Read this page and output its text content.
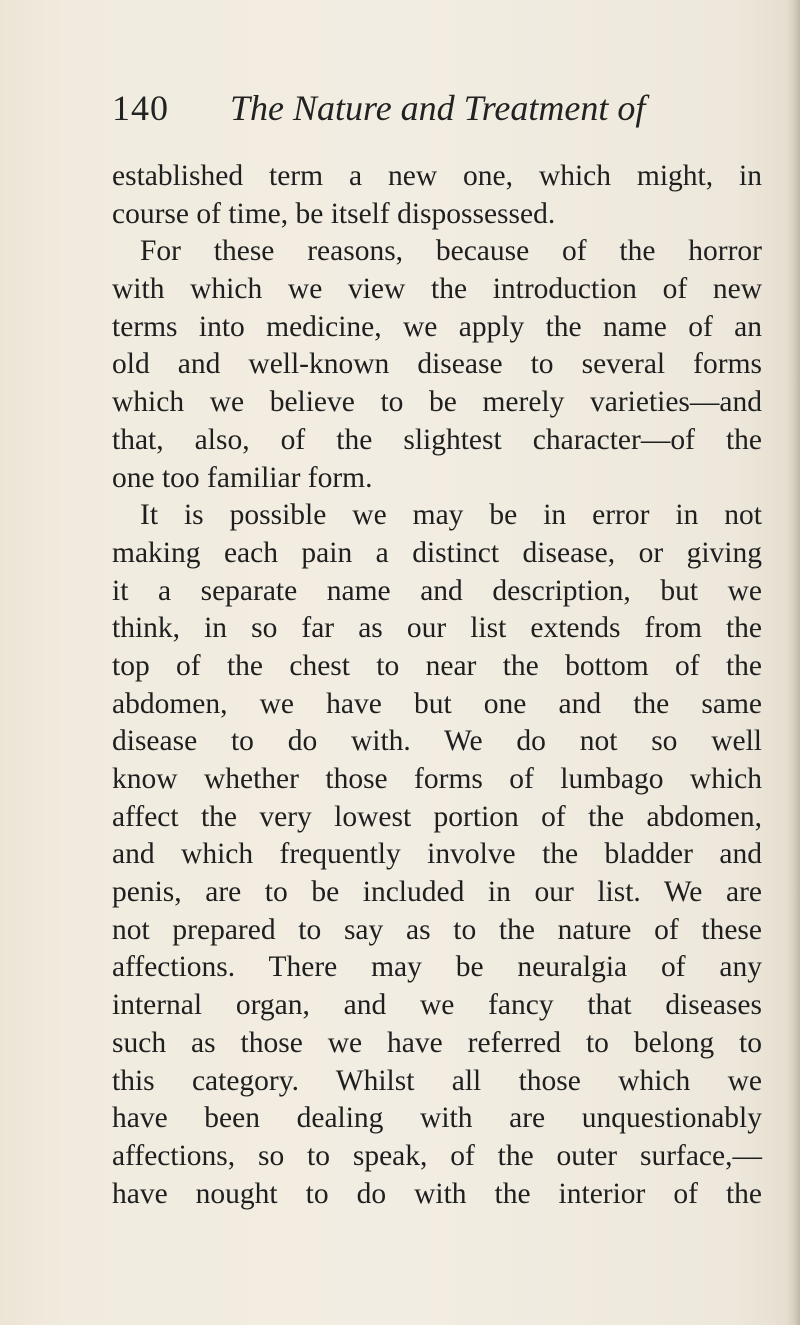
140 The Nature and Treatment of
established term a new one, which might, in
course of time, be itself dispossessed.
For these reasons, because of the horror
with which we view the introduction of new
terms into medicine, we apply the name of an
old and well-known disease to several forms
which we believe to be merely varieties—and
that, also, of the slightest character—of the
one too familiar form.
It is possible we may be in error in not
making each pain a distinct disease, or giving
it a separate name and description, but we
think, in so far as our list extends from the
top of the chest to near the bottom of the
abdomen, we have but one and the same
disease to do with. We do not so well
know whether those forms of lumbago which
affect the very lowest portion of the abdomen,
and which frequently involve the bladder and
penis, are to be included in our list. We are
not prepared to say as to the nature of these
affections. There may be neuralgia of any
internal organ, and we fancy that diseases
such as those we have referred to belong to
this category. Whilst all those which we
have been dealing with are unquestionably
affections, so to speak, of the outer surface,—
have nought to do with the interior of the
